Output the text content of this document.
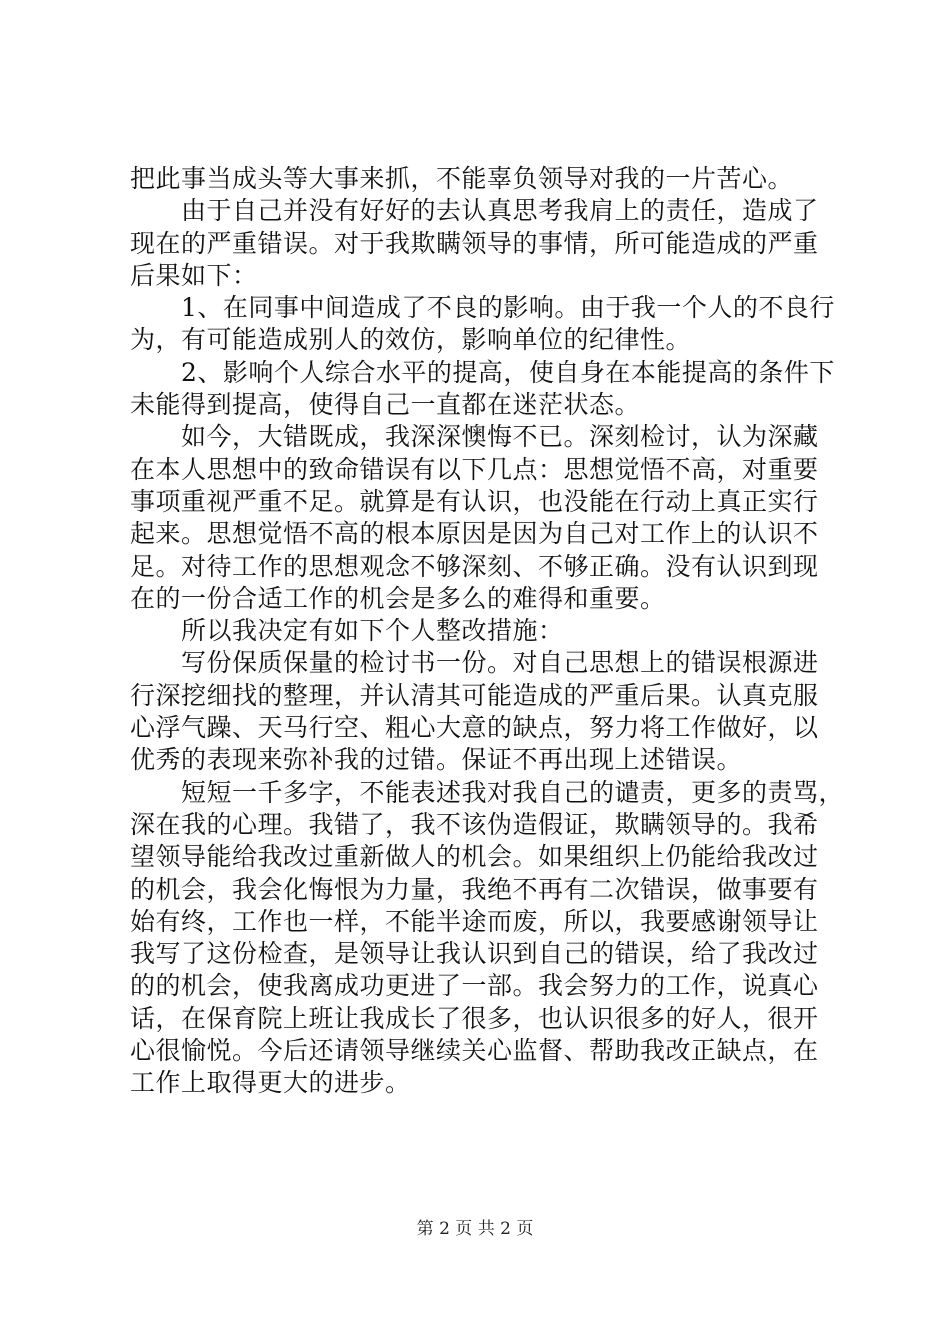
把此事当成头等大事来抓，不能辜负领导对我的一片苦心。
　　由于自己并没有好好的去认真思考我肩上的责任，造成了
现在的严重错误。对于我欺瞒领导的事情，所可能造成的严重
后果如下：
　　1、在同事中间造成了不良的影响。由于我一个人的不良行
为，有可能造成别人的效仿，影响单位的纪律性。
　　2、影响个人综合水平的提高，使自身在本能提高的条件下
未能得到提高，使得自己一直都在迷茫状态。
　　如今，大错既成，我深深懊悔不已。深刻检讨，认为深藏
在本人思想中的致命错误有以下几点：思想觉悟不高，对重要
事项重视严重不足。就算是有认识，也没能在行动上真正实行
起来。思想觉悟不高的根本原因是因为自己对工作上的认识不
足。对待工作的思想观念不够深刻、不够正确。没有认识到现
在的一份合适工作的机会是多么的难得和重要。
　　所以我决定有如下个人整改措施：
　　写份保质保量的检讨书一份。对自己思想上的错误根源进
行深挖细找的整理，并认清其可能造成的严重后果。认真克服
心浮气躁、天马行空、粗心大意的缺点，努力将工作做好，以
优秀的表现来弥补我的过错。保证不再出现上述错误。
　　短短一千多字，不能表述我对我自己的谴责，更多的责骂，
深在我的心理。我错了，我不该伪造假证，欺瞒领导的。我希
望领导能给我改过重新做人的机会。如果组织上仍能给我改过
的机会，我会化悔恨为力量，我绝不再有二次错误，做事要有
始有终，工作也一样，不能半途而废，所以，我要感谢领导让
我写了这份检查，是领导让我认识到自己的错误，给了我改过
的的机会，使我离成功更进了一部。我会努力的工作，说真心
话，在保育院上班让我成长了很多，也认识很多的好人，很开
心很愉悦。今后还请领导继续关心监督、帮助我改正缺点，在
工作上取得更大的进步。
第 2 页 共 2 页
